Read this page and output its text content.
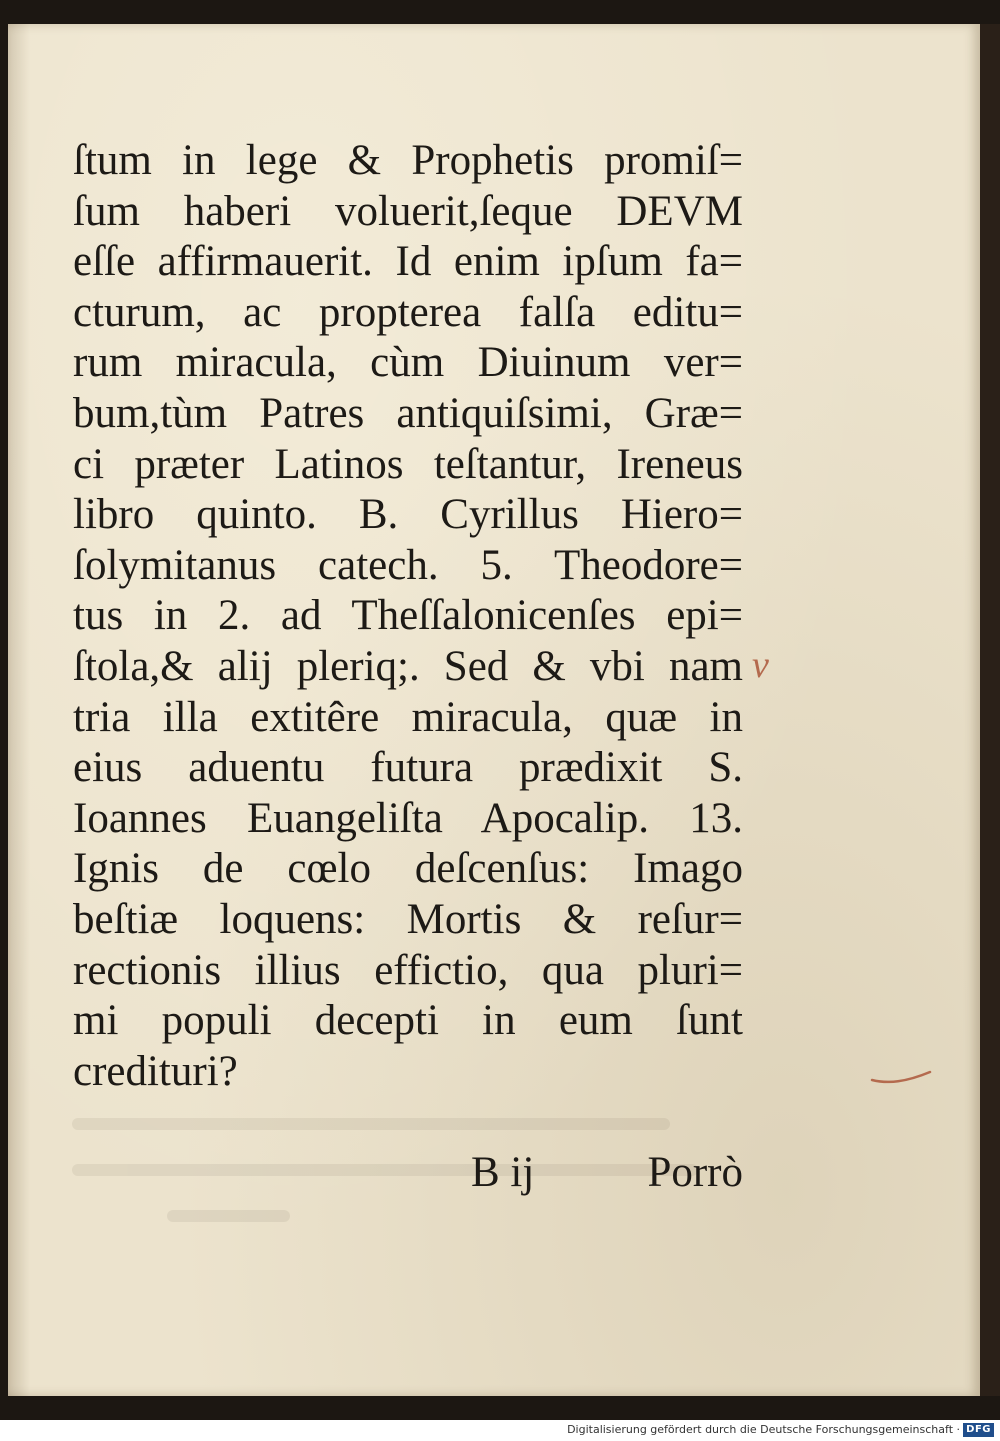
ſtum in lege & Prophetis promiſ=
ſum haberi voluerit,ſeque DEVM
eſſe affirmauerit. Id enim ipſum fa=
cturum, ac propterea falſa editu=
rum miracula, cùm Diuinum ver=
bum,tùm Patres antiquiſsimi, Græ=
ci præter Latinos teſtantur, Ireneus
libro quinto. B. Cyrillus Hiero=
ſolymitanus catech. 5. Theodore=
tus in 2. ad Theſſalonicenſes epi=
ſtola,& aliј pleriq;. Sed & vbi nam
tria illa extitêre miracula, quæ in
eius aduentu futura prædixit S.
Ioannes Euangeliſta Apocalip. 13.
Ignis de cœlo deſcenſus: Imago
beſtiæ loquens: Mortis & reſur=
rectionis illius effictio, qua pluri=
mi populi decepti in eum ſunt
crediturі?
B ij	Porrò
v
Digitalisierung gefördert durch die Deutsche Forschungsgemeinschaft · DFG
